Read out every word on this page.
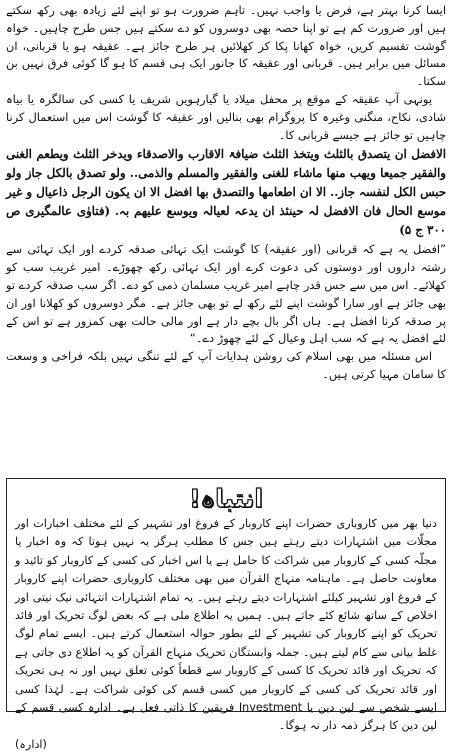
ایسا کرنا بہتر ہے، فرض یا واجب نہیں۔ تاہم ضرورت ہو تو اپنے لئے زیادہ بھی رکھ سکتے ہیں اور ضرورت کم ہے تو اپنا حصہ بھی دوسروں کو دے سکتے ہیں جس طرح چاہیں۔ خواہ گوشت تقسیم کریں، خواہ کھانا پکا کر کھلائیں ہر طرح جائز ہے۔ عقیقہ ہو یا قربانی، ان مسائل میں برابر ہیں۔ قربانی اور عقیقہ کا جانور ایک ہی قسم کا ہو گا کوئی فرق نہیں بن سکتا۔

یونہی آپ عقیقہ کے موقع پر محفل میلاد یا گیارہویں شریف یا کسی کی سالگرہ یا بیاہ شادی، نکاح، منگنی وغیرہ کا پروگرام بھی بنالیں اور عقیقہ کا گوشت اس میں استعمال کرنا چاہیں تو جائز ہے جیسے قربانی کا۔

الافضل ان یتصدق بالثلث ویتخذ الثلث ضیافۃ الاقارب والاصدقاء ویدخر الثلث ویطعم الغنی والفقیر جمیعا ویھب منھا ماشاء للغنی والفقیر والمسلم والذمی.. ولو تصدق بالکل جاز ولو حبس الکل لنفسہ جاز.. الا ان اطعامھا والتصدق بھا افضل الا ان یکون الرجل ذاعیال و غیر موسع الحال فان الافضل لہ حینئذ ان یدعہ لعیالہ ویوسع علیھم بہ. (فتاوٰی عالمگیری ص ۳۰۰ ج ۵)

”افضل یہ ہے کہ قربانی (اور عقیقہ) کا گوشت ایک تہائی صدقہ کردے اور ایک تہائی سے رشتہ داروں اور دوستوں کی دعوت کرے اور ایک تہائی رکھ چھوڑے۔ امیر غریب سب کو کھلائے۔ اس میں سے جس قدر چاہے امیر غریب مسلمان ذمی کو دے۔ اگر سب صدقہ کردے تو بھی جائز ہے اور سارا گوشت اپنے لئے رکھ لے تو بھی جائز ہے۔ مگر دوسروں کو کھلانا اور ان پر صدقہ کرنا افضل ہے۔ ہاں اگر بال بچے دار ہے اور مالی حالت بھی کمزور ہے تو اس کے لئے افضل یہ ہے کہ سب اہل وعیال کے لئے چھوڑ دے۔“

اس مسئلہ میں بھی اسلام کی روشن ہدایات آپ کے لئے تنگی نہیں بلکہ فراخی و وسعت کا سامان مہیا کرتی ہیں۔

انتباہ!

دنیا بھر میں کاروباری حضرات اپنے کاروبار کے فروغ اور تشہیر کے لئے مختلف اخبارات اور مجلّات میں اشتہارات دیتے رہتے ہیں جس کا مطلب ہرگز یہ نہیں ہوتا کہ وہ اخبار یا مجلّہ کسی کے کاروبار میں شراکت کا حامل ہے یا اس اخبار کی کسی کے کاروبار کو تائید و معاونت حاصل ہے۔ ماہنامہ منہاج القرآن میں بھی مختلف کاروباری حضرات اپنے کاروبار کے فروغ اور تشہیر کیلئے اشتہارات دیتے رہتے ہیں۔ یہ تمام اشتہارات انتہائی نیک نیتی اور اخلاص کے ساتھ شائع کئے جاتے ہیں۔ ہمیں یہ اطلاع ملی ہے کہ بعض لوگ تحریک اور قائد تحریک کو اپنے کاروبار کی تشہیر کے لئے بطور حوالہ استعمال کرتے ہیں۔ ایسے تمام لوگ غلط بیانی سے کام لیتے ہیں۔ جملہ وابستگان تحریک منہاج القرآن کو یہ اطلاع دی جاتی ہے کہ تحریک اور قائد تحریک کا کسی کے کاروبار سے قطعاً کوئی تعلق نہیں اور نہ ہی تحریک اور قائد تحریک کی کسی کے کاروبار میں کسی قسم کی کوئی شراکت ہے۔ لہٰذا کسی ایسے شخص سے لین دین یا Investment فریقین کا ذاتی فعل ہے۔ ادارہ کسی قسم کے لین دین کا ہرگز ذمہ دار نہ ہوگا۔

(ادارہ)
